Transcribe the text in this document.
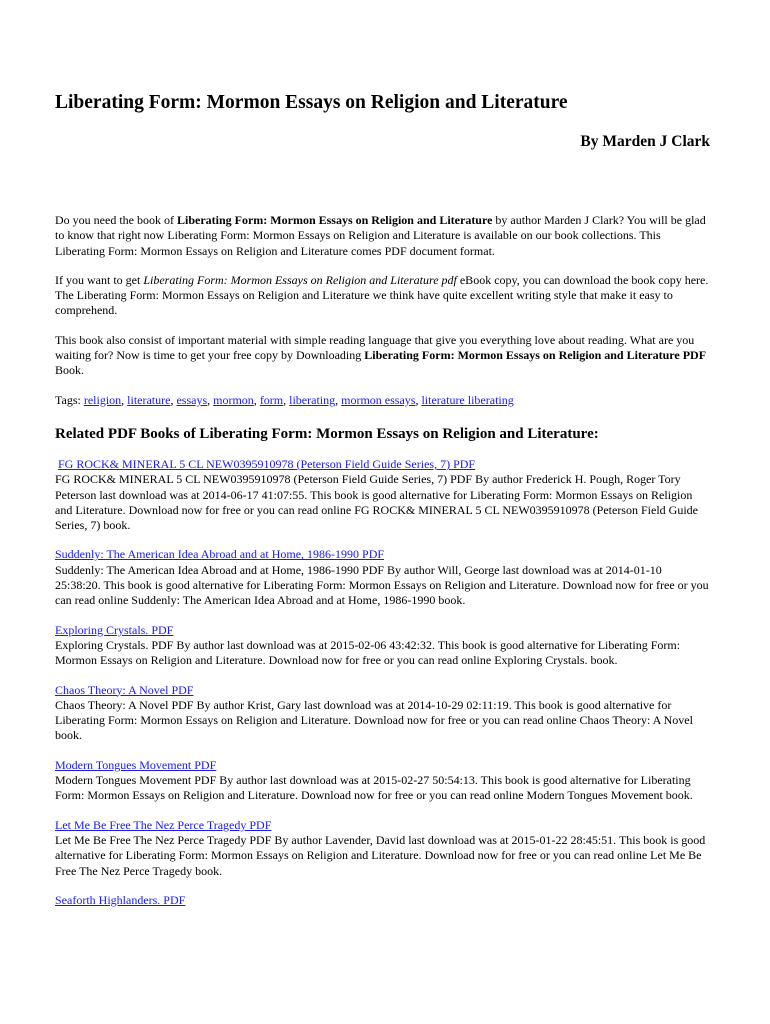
Liberating Form: Mormon Essays on Religion and Literature
By Marden J Clark

Do you need the book of Liberating Form: Mormon Essays on Religion and Literature by author Marden J Clark? You will be glad to know that right now Liberating Form: Mormon Essays on Religion and Literature is available on our book collections. This Liberating Form: Mormon Essays on Religion and Literature comes PDF document format.

If you want to get Liberating Form: Mormon Essays on Religion and Literature pdf eBook copy, you can download the book copy here. The Liberating Form: Mormon Essays on Religion and Literature we think have quite excellent writing style that make it easy to comprehend.

This book also consist of important material with simple reading language that give you everything love about reading. What are you waiting for? Now is time to get your free copy by Downloading Liberating Form: Mormon Essays on Religion and Literature PDF Book.

Tags: religion, literature, essays, mormon, form, liberating, mormon essays, literature liberating

Related PDF Books of Liberating Form: Mormon Essays on Religion and Literature:
FG ROCK& MINERAL 5 CL NEW0395910978 (Peterson Field Guide Series, 7) PDF
FG ROCK& MINERAL 5 CL NEW0395910978 (Peterson Field Guide Series, 7) PDF By author Frederick H. Pough, Roger Tory Peterson last download was at 2014-06-17 41:07:55. This book is good alternative for Liberating Form: Mormon Essays on Religion and Literature. Download now for free or you can read online FG ROCK& MINERAL 5 CL NEW0395910978 (Peterson Field Guide Series, 7) book.
Suddenly: The American Idea Abroad and at Home, 1986-1990 PDF
Suddenly: The American Idea Abroad and at Home, 1986-1990 PDF By author Will, George last download was at 2014-01-10 25:38:20. This book is good alternative for Liberating Form: Mormon Essays on Religion and Literature. Download now for free or you can read online Suddenly: The American Idea Abroad and at Home, 1986-1990 book.
Exploring Crystals. PDF
Exploring Crystals. PDF By author last download was at 2015-02-06 43:42:32. This book is good alternative for Liberating Form: Mormon Essays on Religion and Literature. Download now for free or you can read online Exploring Crystals. book.
Chaos Theory: A Novel PDF
Chaos Theory: A Novel PDF By author Krist, Gary last download was at 2014-10-29 02:11:19. This book is good alternative for Liberating Form: Mormon Essays on Religion and Literature. Download now for free or you can read online Chaos Theory: A Novel book.
Modern Tongues Movement PDF
Modern Tongues Movement PDF By author last download was at 2015-02-27 50:54:13. This book is good alternative for Liberating Form: Mormon Essays on Religion and Literature. Download now for free or you can read online Modern Tongues Movement book.
Let Me Be Free The Nez Perce Tragedy PDF
Let Me Be Free The Nez Perce Tragedy PDF By author Lavender, David last download was at 2015-01-22 28:45:51. This book is good alternative for Liberating Form: Mormon Essays on Religion and Literature. Download now for free or you can read online Let Me Be Free The Nez Perce Tragedy book.
Seaforth Highlanders. PDF
